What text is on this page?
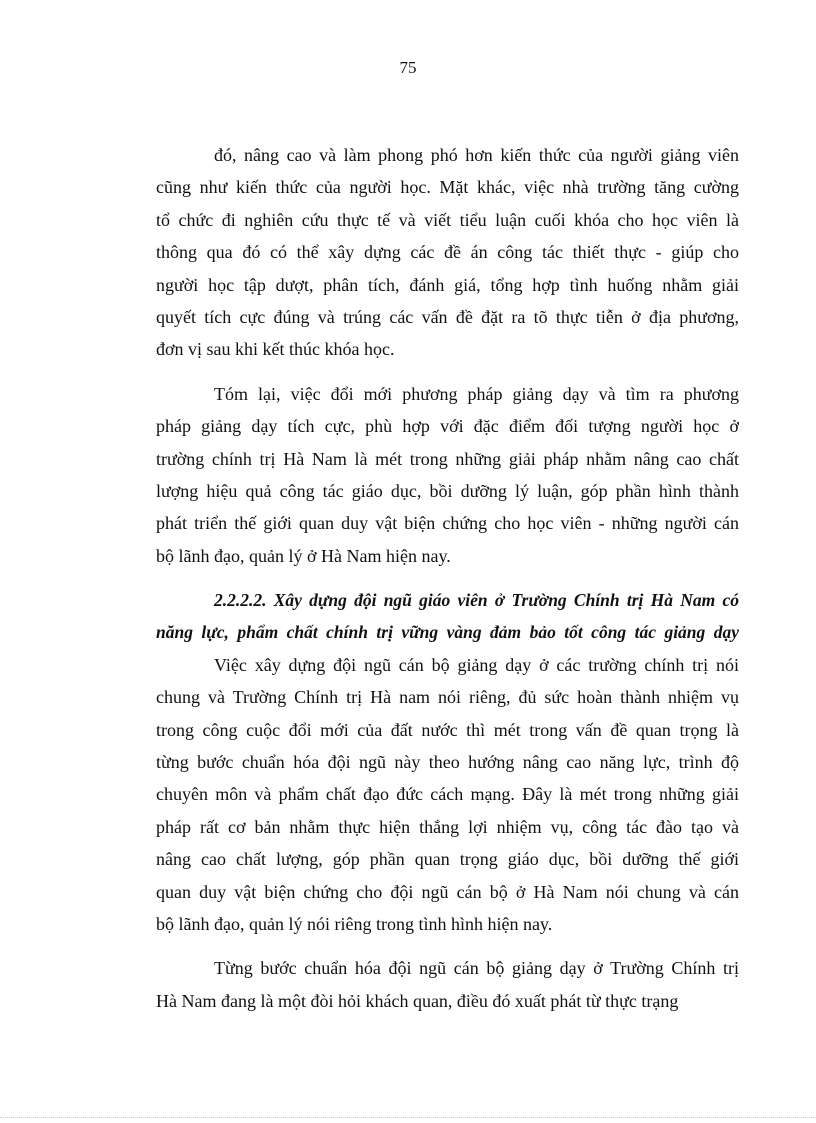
75
đó, nâng cao và làm phong phó hơn kiến thức của người giảng viên
cũng như kiến thức của người học. Mặt khác, việc nhà trường tăng cường
tổ chức đi nghiên cứu thực tế và viết tiểu luận cuối khóa cho học viên là
thông qua đó có thể xây dựng các đề án công tác thiết thực - giúp cho
người học tập dượt, phân tích, đánh giá, tổng hợp tình huống nhằm giải
quyết tích cực đúng và trúng các vấn đề đặt ra tõ thực tiễn ở địa phương,
đơn vị sau khi kết thúc khóa học.
Tóm lại, việc đổi mới phương pháp giảng dạy và tìm ra phương
pháp giảng dạy tích cực, phù hợp với đặc điểm đối tượng người học ở
trường chính trị Hà Nam là mét trong những giải pháp nhằm nâng cao chất
lượng hiệu quả công tác giáo dục, bồi dưỡng lý luận, góp phần hình thành
phát triển thế giới quan duy vật biện chứng cho học viên - những người cán
bộ lãnh đạo, quản lý ở Hà Nam hiện nay.
2.2.2.2. Xây dựng đội ngũ giáo viên ở Trường Chính trị Hà Nam có
năng lực, phẩm chất chính trị vững vàng đảm bảo tốt công tác giảng dạy
Việc xây dựng đội ngũ cán bộ giảng dạy ở các trường chính trị nói
chung và Trường Chính trị Hà nam nói riêng, đủ sức hoàn thành nhiệm vụ
trong công cuộc đổi mới của đất nước thì mét trong vấn đề quan trọng là
từng bước chuẩn hóa đội ngũ này theo hướng nâng cao năng lực, trình độ
chuyên môn và phẩm chất đạo đức cách mạng. Đây là mét trong những giải
pháp rất cơ bản nhằm thực hiện thắng lợi nhiệm vụ, công tác đào tạo và
nâng cao chất lượng, góp phần quan trọng giáo dục, bồi dưỡng thế giới
quan duy vật biện chứng cho đội ngũ cán bộ ở Hà Nam nói chung và cán
bộ lãnh đạo, quản lý nói riêng trong tình hình hiện nay.
Từng bước chuẩn hóa đội ngũ cán bộ giảng dạy ở Trường Chính trị
Hà Nam đang là một đòi hỏi khách quan, điều đó xuất phát từ thực trạng
